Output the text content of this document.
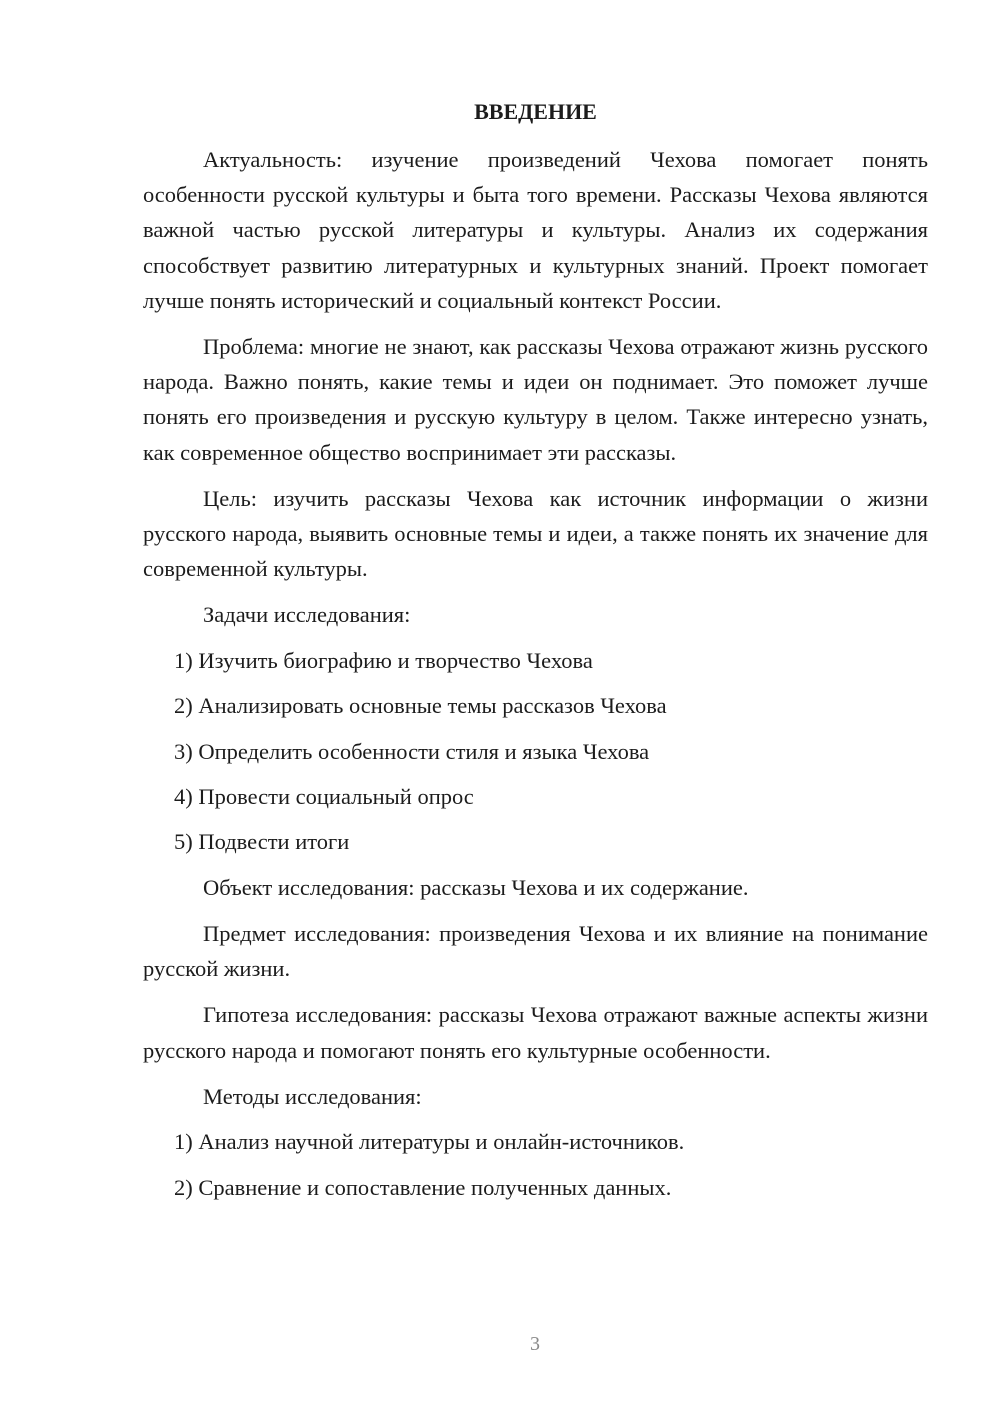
ВВЕДЕНИЕ

Актуальность: изучение произведений Чехова помогает понять особенности русской культуры и быта того времени. Рассказы Чехова являются важной частью русской литературы и культуры. Анализ их содержания способствует развитию литературных и культурных знаний. Проект помогает лучше понять исторический и социальный контекст России.

Проблема: многие не знают, как рассказы Чехова отражают жизнь русского народа. Важно понять, какие темы и идеи он поднимает. Это поможет лучше понять его произведения и русскую культуру в целом. Также интересно узнать, как современное общество воспринимает эти рассказы.

Цель: изучить рассказы Чехова как источник информации о жизни русского народа, выявить основные темы и идеи, а также понять их значение для современной культуры.

Задачи исследования:

1) Изучить биографию и творчество Чехова

2) Анализировать основные темы рассказов Чехова

3) Определить особенности стиля и языка Чехова

4) Провести социальный опрос

5) Подвести итоги

Объект исследования: рассказы Чехова и их содержание.

Предмет исследования: произведения Чехова и их влияние на понимание русской жизни.

Гипотеза исследования: рассказы Чехова отражают важные аспекты жизни русского народа и помогают понять его культурные особенности.

Методы исследования:

1) Анализ научной литературы и онлайн-источников.

2) Сравнение и сопоставление полученных данных.

3
